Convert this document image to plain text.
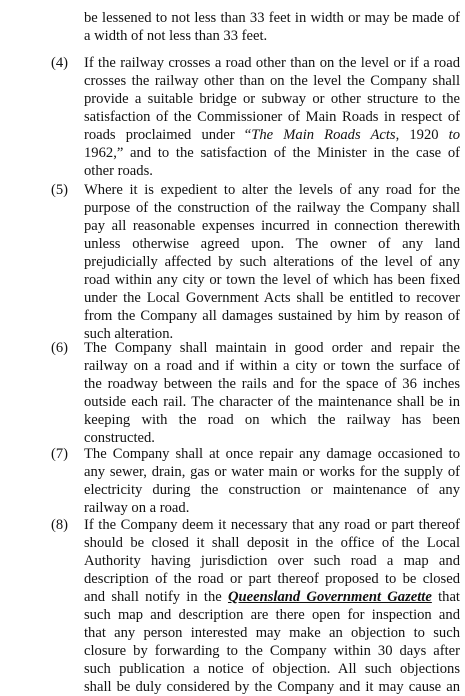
be lessened to not less than 33 feet in width or may be made of
a width of not less than 33 feet.
(4) If the railway crosses a road other than on the level or if a road
crosses the railway other than on the level the Company shall
provide a suitable bridge or subway or other structure to the
satisfaction of the Commissioner of Main Roads in respect of
roads proclaimed under “The Main Roads Acts, 1920 to
1962,” and to the satisfaction of the Minister in the case of
other roads.
(5) Where it is expedient to alter the levels of any road for the
purpose of the construction of the railway the Company shall
pay all reasonable expenses incurred in connection therewith
unless otherwise agreed upon. The owner of any land
prejudicially affected by such alterations of the level of any
road within any city or town the level of which has been fixed
under the Local Government Acts shall be entitled to recover
from the Company all damages sustained by him by reason of
such alteration.
(6) The Company shall maintain in good order and repair the
railway on a road and if within a city or town the surface of
the roadway between the rails and for the space of 36 inches
outside each rail. The character of the maintenance shall be in
keeping with the road on which the railway has been
constructed.
(7) The Company shall at once repair any damage occasioned to
any sewer, drain, gas or water main or works for the supply of
electricity during the construction or maintenance of any
railway on a road.
(8) If the Company deem it necessary that any road or part thereof
should be closed it shall deposit in the office of the Local
Authority having jurisdiction over such road a map and
description of the road or part thereof proposed to be closed
and shall notify in the Queensland Government Gazette that
such map and description are there open for inspection and
that any person interested may make an objection to such
closure by forwarding to the Company within 30 days after
such publication a notice of objection. All such objections
shall be duly considered by the Company and it may cause an
